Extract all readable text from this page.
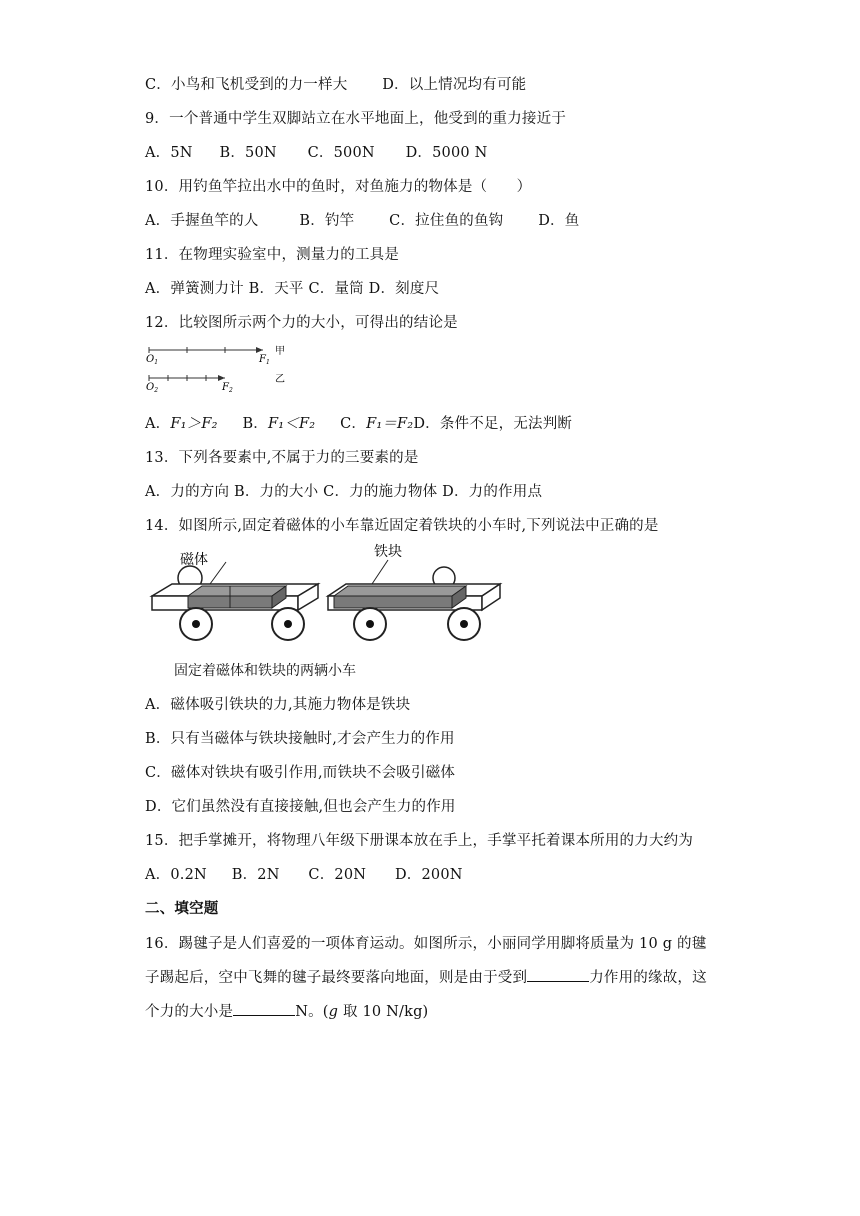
C．小鸟和飞机受到的力一样大 D．以上情况均有可能
9．一个普通中学生双脚站立在水平地面上，他受到的重力接近于
A．5N B．50N C．500N D．5000 N
10．用钓鱼竿拉出水中的鱼时，对鱼施力的物体是（　　）
A．手握鱼竿的人	B．钓竿 C．拉住鱼的鱼钩 D．鱼
11．在物理实验室中，测量力的工具是
A．弹簧测力计 B．天平 C．量筒 D．刻度尺
12．比较图所示两个力的大小，可得出的结论是
$O_1$	$F_1$
甲
$O_2$	$F_2$
乙
A．F₁＞F₂ B．F₁＜F₂ C．F₁＝F₂D．条件不足，无法判断
13．下列各要素中,不属于力的三要素的是
A．力的方向 B．力的大小 C．力的施力物体 D．力的作用点
14．如图所示,固定着磁体的小车靠近固定着铁块的小车时,下列说法中正确的是
磁体	铁块
固定着磁体和铁块的两辆小车
A．磁体吸引铁块的力,其施力物体是铁块
B．只有当磁体与铁块接触时,才会产生力的作用
C．磁体对铁块有吸引作用,而铁块不会吸引磁体
D．它们虽然没有直接接触,但也会产生力的作用
15．把手掌摊开，将物理八年级下册课本放在手上，手掌平托着课本所用的力大约为
A．0.2N B．2N C．20N D．200N
二、填空题
16．踢毽子是人们喜爱的一项体育运动。如图所示，小丽同学用脚将质量为 10 g 的毽
子踢起后，空中飞舞的毽子最终要落向地面，则是由于受到	力作用的缘故，这
个力的大小是	N。(g 取 10 N/kg)
